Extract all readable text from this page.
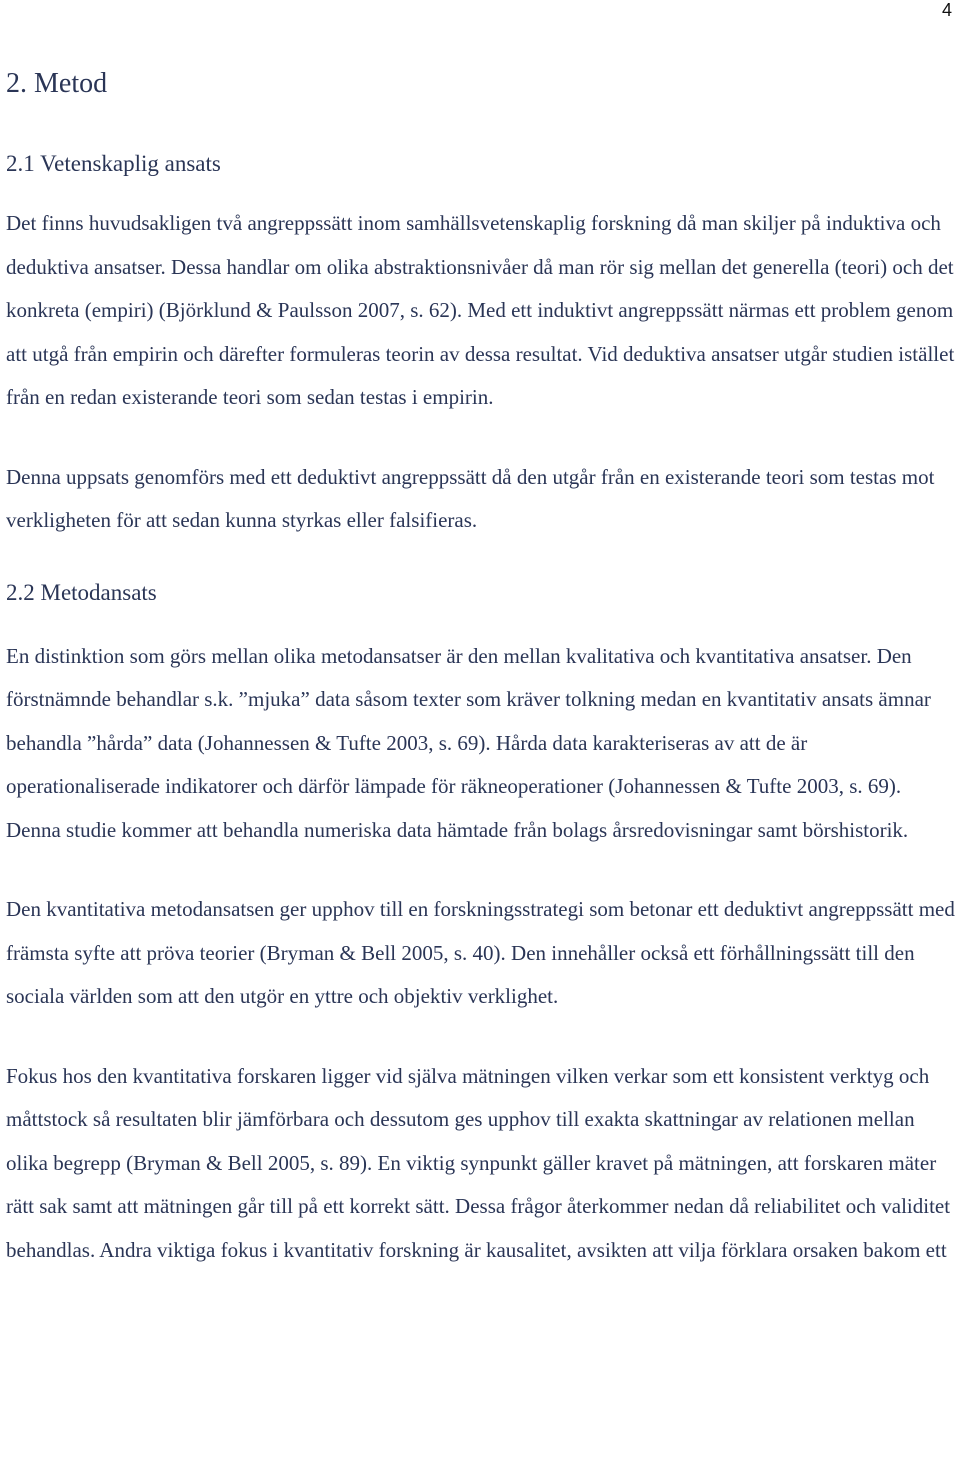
4
2. Metod
2.1 Vetenskaplig ansats

Det finns huvudsakligen två angreppssätt inom samhällsvetenskaplig forskning då man skiljer på induktiva och deduktiva ansatser. Dessa handlar om olika abstraktionsnivåer då man rör sig mellan det generella (teori) och det konkreta (empiri) (Björklund & Paulsson 2007, s. 62). Med ett induktivt angreppssätt närmas ett problem genom att utgå från empirin och därefter formuleras teorin av dessa resultat. Vid deduktiva ansatser utgår studien istället från en redan existerande teori som sedan testas i empirin.

Denna uppsats genomförs med ett deduktivt angreppssätt då den utgår från en existerande teori som testas mot verkligheten för att sedan kunna styrkas eller falsifieras.

2.2 Metodansats

En distinktion som görs mellan olika metodansatser är den mellan kvalitativa och kvantitativa ansatser. Den förstnämnde behandlar s.k. ”mjuka” data såsom texter som kräver tolkning medan en kvantitativ ansats ämnar behandla ”hårda” data (Johannessen & Tufte 2003, s. 69). Hårda data karakteriseras av att de är operationaliserade indikatorer och därför lämpade för räkneoperationer (Johannessen & Tufte 2003, s. 69). Denna studie kommer att behandla numeriska data hämtade från bolags årsredovisningar samt börshistorik.

Den kvantitativa metodansatsen ger upphov till en forskningsstrategi som betonar ett deduktivt angreppssätt med främsta syfte att pröva teorier (Bryman & Bell 2005, s. 40). Den innehåller också ett förhållningssätt till den sociala världen som att den utgör en yttre och objektiv verklighet.

Fokus hos den kvantitativa forskaren ligger vid själva mätningen vilken verkar som ett konsistent verktyg och måttstock så resultaten blir jämförbara och dessutom ges upphov till exakta skattningar av relationen mellan olika begrepp (Bryman & Bell 2005, s. 89). En viktig synpunkt gäller kravet på mätningen, att forskaren mäter rätt sak samt att mätningen går till på ett korrekt sätt. Dessa frågor återkommer nedan då reliabilitet och validitet behandlas. Andra viktiga fokus i kvantitativ forskning är kausalitet, avsikten att vilja förklara orsaken bakom ett
